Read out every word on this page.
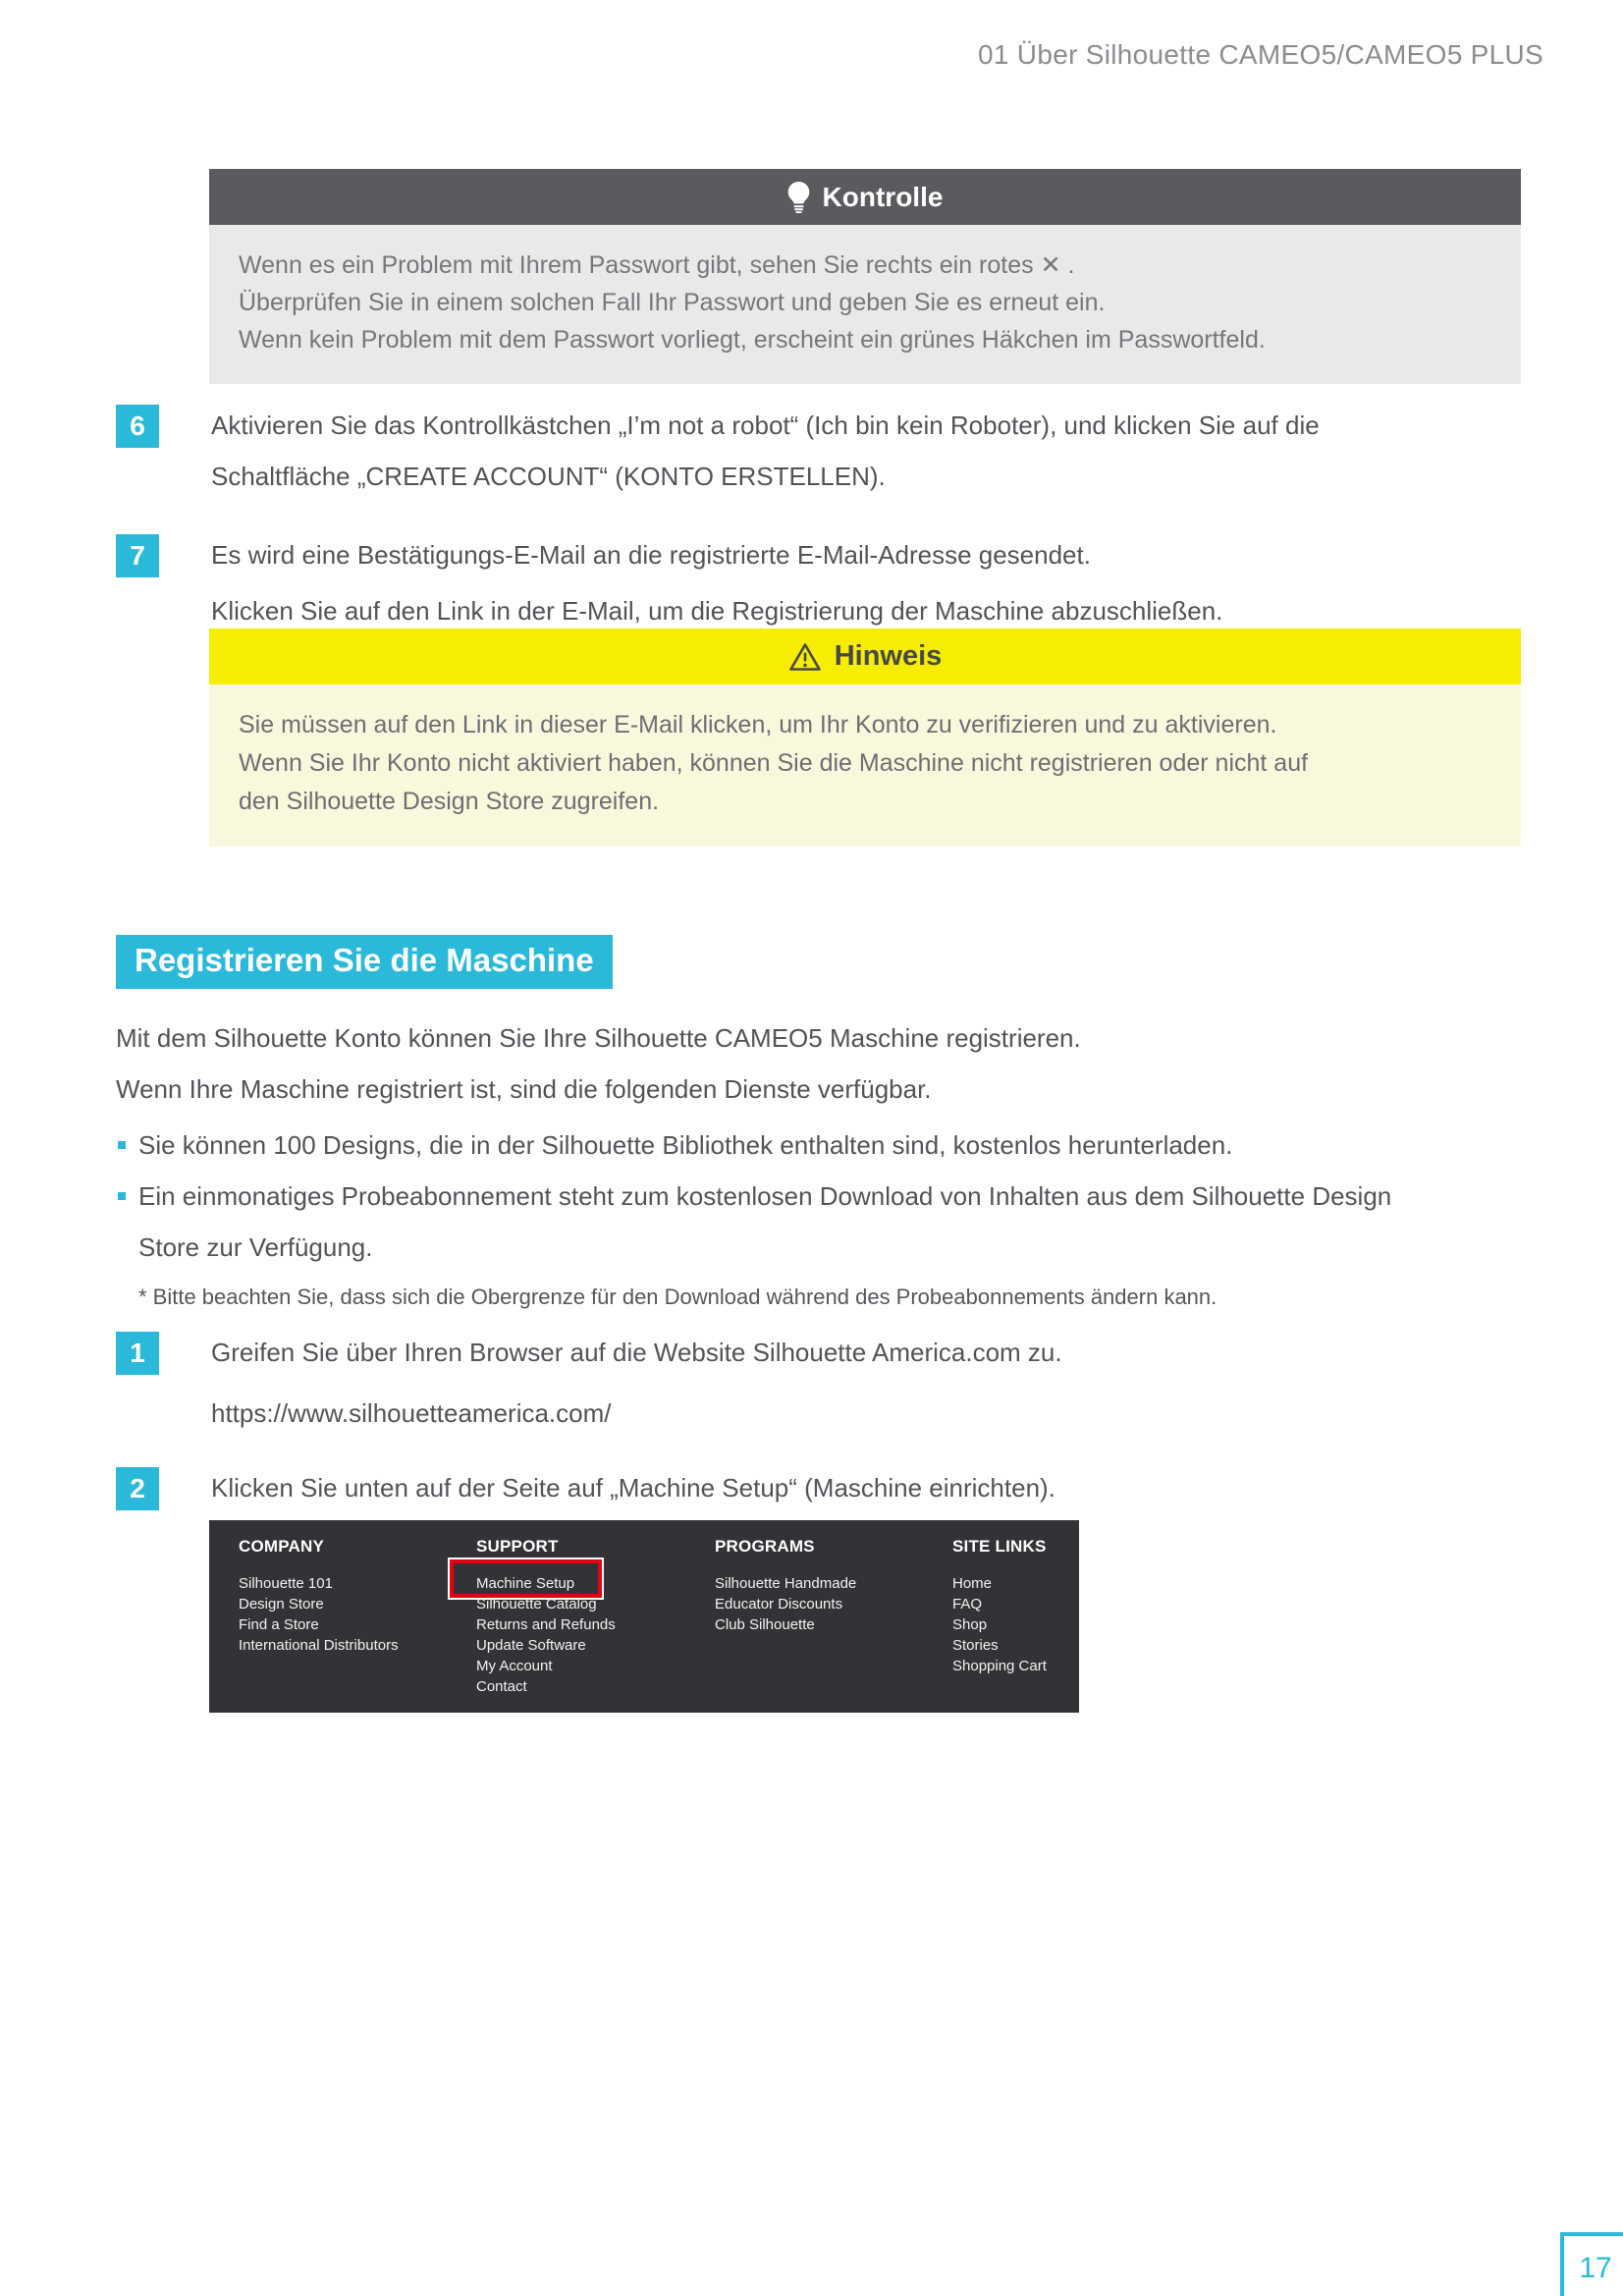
01 Über Silhouette CAMEO5/CAMEO5 PLUS
Kontrolle
Wenn es ein Problem mit Ihrem Passwort gibt, sehen Sie rechts ein rotes ✕ .
Überprüfen Sie in einem solchen Fall Ihr Passwort und geben Sie es erneut ein.
Wenn kein Problem mit dem Passwort vorliegt, erscheint ein grünes Häkchen im Passwortfeld.
6	Aktivieren Sie das Kontrollkästchen „I’m not a robot“ (Ich bin kein Roboter), und klicken Sie auf die
Schaltfläche „CREATE ACCOUNT“ (KONTO ERSTELLEN).
7	Es wird eine Bestätigungs-E-Mail an die registrierte E-Mail-Adresse gesendet.
Klicken Sie auf den Link in der E-Mail, um die Registrierung der Maschine abzuschließen.
Hinweis
Sie müssen auf den Link in dieser E-Mail klicken, um Ihr Konto zu verifizieren und zu aktivieren.
Wenn Sie Ihr Konto nicht aktiviert haben, können Sie die Maschine nicht registrieren oder nicht auf
den Silhouette Design Store zugreifen.
Registrieren Sie die Maschine
Mit dem Silhouette Konto können Sie Ihre Silhouette CAMEO5 Maschine registrieren.
Wenn Ihre Maschine registriert ist, sind die folgenden Dienste verfügbar.
Sie können 100 Designs, die in der Silhouette Bibliothek enthalten sind, kostenlos herunterladen.
Ein einmonatiges Probeabonnement steht zum kostenlosen Download von Inhalten aus dem Silhouette Design
Store zur Verfügung.
* Bitte beachten Sie, dass sich die Obergrenze für den Download während des Probeabonnements ändern kann.
1	Greifen Sie über Ihren Browser auf die Website Silhouette America.com zu.
https://www.silhouetteamerica.com/
2	Klicken Sie unten auf der Seite auf „Machine Setup“ (Maschine einrichten).
COMPANY
Silhouette 101
Design Store
Find a Store
International Distributors
SUPPORT
Machine Setup
Silhouette Catalog
Returns and Refunds
Update Software
My Account
Contact
PROGRAMS
Silhouette Handmade
Educator Discounts
Club Silhouette
SITE LINKS
Home
FAQ
Shop
Stories
Shopping Cart
17
